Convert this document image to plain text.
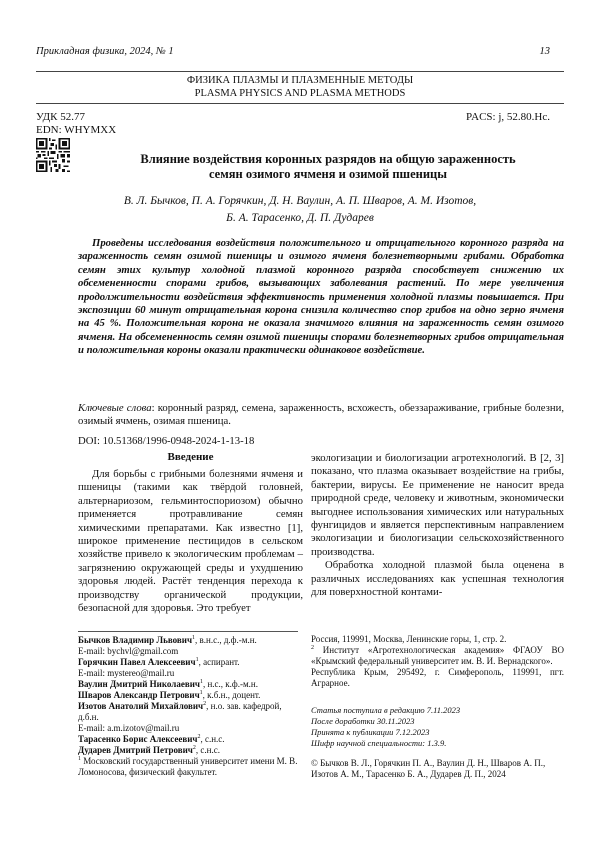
Прикладная физика, 2024, № 1	13
ФИЗИКА ПЛАЗМЫ И ПЛАЗМЕННЫЕ МЕТОДЫ
PLASMA PHYSICS AND PLASMA METHODS
УДК 52.77
EDN: WHYMXX
PACS: j, 52.80.Hc.
Влияние воздействия коронных разрядов на общую зараженность
семян озимого ячменя и озимой пшеницы
В. Л. Бычков, П. А. Горячкин, Д. Н. Ваулин, А. П. Шваров, А. М. Изотов,
Б. А. Тарасенко, Д. П. Дударев
Проведены исследования воздействия положительного и отрицательного коронного разряда на зараженность семян озимой пшеницы и озимого ячменя болезнетворными грибами. Обработка семян этих культур холодной плазмой коронного разряда способствует снижению их обсемененности спорами грибов, вызывающих заболевания растений. По мере увеличения продолжительности воздействия эффективность применения холодной плазмы повышается. При экспозиции 60 минут отрицательная корона снизила количество спор грибов на одно зерно ячменя на 45 %. Положительная корона не оказала значимого влияния на зараженность семян озимого ячменя. На обсемененность семян озимой пшеницы спорами болезнетворных грибов отрицательная и положительная короны оказали практически одинаковое воздействие.
Ключевые слова: коронный разряд, семена, зараженность, всхожесть, обеззараживание, грибные болезни, озимый ячмень, озимая пшеница.
DOI: 10.51368/1996-0948-2024-1-13-18
Введение
Для борьбы с грибными болезнями ячменя и пшеницы (такими как твёрдой головней, альтернариозом, гельминтоспориозом) обычно применяется протравливание семян химическими препаратами. Как известно [1], широкое применение пестицидов в сельском хозяйстве привело к экологическим проблемам – загрязнению окружающей среды и ухудшению здоровья людей. Растёт тенденция перехода к производству органической продукции, безопасной для здоровья. Это требует

экологизации и биологизации агротехнологий. В [2, 3] показано, что плазма оказывает воздействие на грибы, бактерии, вирусы. Ее применение не наносит вреда природной среде, человеку и животным, экономически выгоднее использования химических или натуральных фунгицидов и является перспективным направлением экологизации и биологизации сельскохозяйственного производства.

Обработка холодной плазмой была оценена в различных исследованиях как успешная технология для поверхностной контами-

Бычков Владимир Львович$^1$, в.н.с., д.ф.-м.н.
E-mail: bychvl@gmail.com
Горячкин Павел Алексеевич$^1$, аспирант.
E-mail: mystereo@mail.ru
Ваулин Дмитрий Николаевич$^1$, н.с., к.ф.-м.н.
Шваров Александр Петрович$^1$, к.б.н., доцент.
Изотов Анатолий Михайлович$^2$, н.о. зав. кафедрой, д.б.н.
E-mail: a.m.izotov@mail.ru
Тарасенко Борис Алексеевич$^2$, с.н.с.
Дударев Дмитрий Петрович$^2$, с.н.с.
$^1$ Московский государственный университет имени М. В. Ломоносова, физический факультет.
Россия, 119991, Москва, Ленинские горы, 1, стр. 2.
$^2$ Институт «Агротехнологическая академия» ФГАОУ ВО «Крымский федеральный университет им. В. И. Вернадского».
Республика Крым, 295492, г. Симферополь, 119991, пгт. Аграрное.
Статья поступила в редакцию 7.11.2023
После доработки 30.11.2023
Принята к публикации 7.12.2023
Шифр научной специальности: 1.3.9.
© Бычков В. Л., Горячкин П. А., Ваулин Д. Н., Шваров А. П., Изотов А. М., Тарасенко Б. А., Дударев Д. П., 2024
